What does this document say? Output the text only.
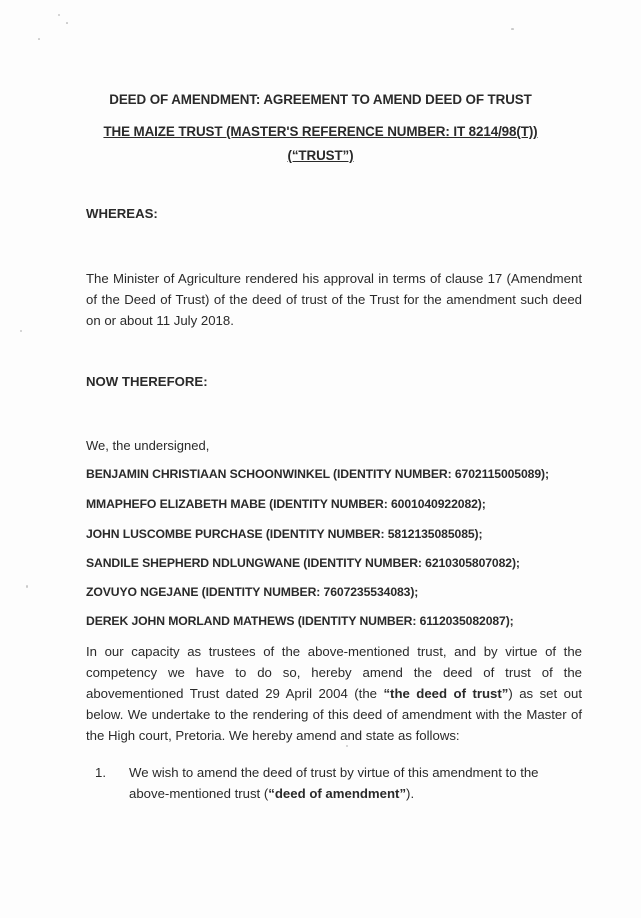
DEED OF AMENDMENT: AGREEMENT TO AMEND DEED OF TRUST
THE MAIZE TRUST (MASTER'S REFERENCE NUMBER: IT 8214/98(T))
(“TRUST”)
WHEREAS:
The Minister of Agriculture rendered his approval in terms of clause 17 (Amendment of the Deed of Trust) of the deed of trust of the Trust for the amendment such deed on or about 11 July 2018.
NOW THEREFORE:
We, the undersigned,
BENJAMIN CHRISTIAAN SCHOONWINKEL (IDENTITY NUMBER: 6702115005089);
MMAPHEFO ELIZABETH MABE (IDENTITY NUMBER: 6001040922082);
JOHN LUSCOMBE PURCHASE (IDENTITY NUMBER: 5812135085085);
SANDILE SHEPHERD NDLUNGWANE (IDENTITY NUMBER: 6210305807082);
ZOVUYO NGEJANE (IDENTITY NUMBER: 7607235534083);
DEREK JOHN MORLAND MATHEWS (IDENTITY NUMBER: 6112035082087);
In our capacity as trustees of the above-mentioned trust, and by virtue of the competency we have to do so, hereby amend the deed of trust of the abovementioned Trust dated 29 April 2004 (the “the deed of trust”) as set out below. We undertake to the rendering of this deed of amendment with the Master of the High court, Pretoria. We hereby amend and state as follows:
1. We wish to amend the deed of trust by virtue of this amendment to the above-mentioned trust (“deed of amendment”).
